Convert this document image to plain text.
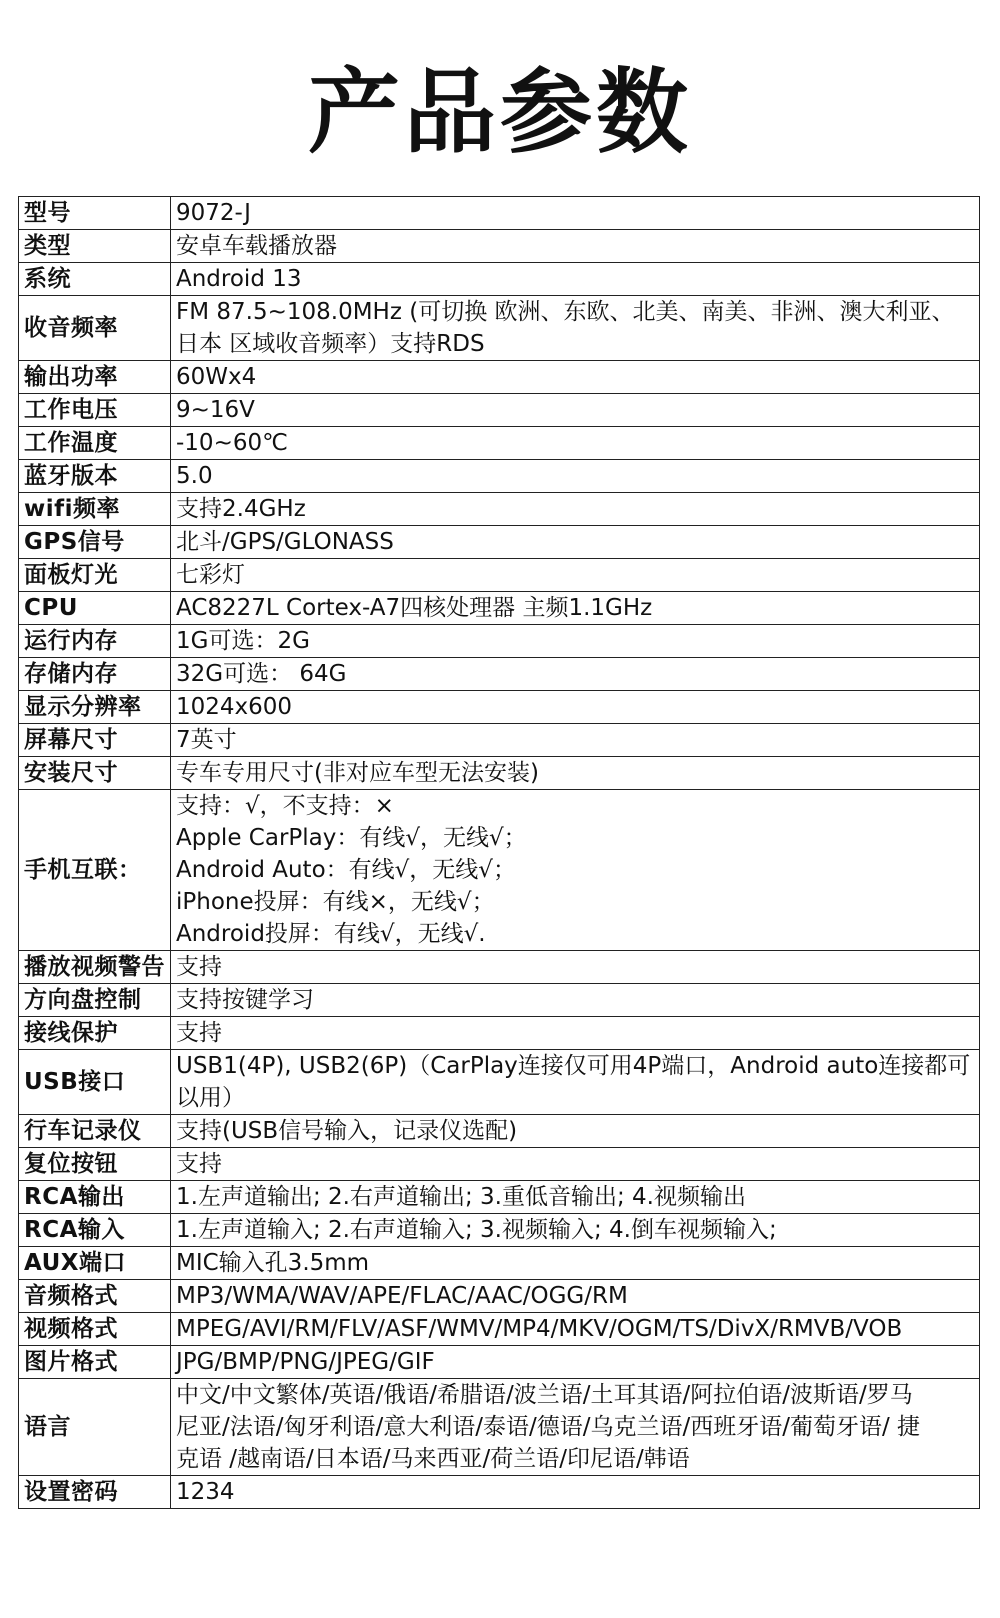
产品参数
型号	9072-J

类型	安卓车载播放器

系统	Android 13

收音频率	FM 87.5~108.0MHz (可切换 欧洲、东欧、北美、南美、非洲、澳大利亚、
日本 区域收音频率）支持RDS

输出功率	60Wx4

工作电压	9~16V

工作温度	-10~60℃

蓝牙版本	5.0

wifi频率	支持2.4GHz

GPS信号	北斗/GPS/GLONASS

面板灯光	七彩灯

CPU	AC8227L Cortex-A7四核处理器 主频1.1GHz

运行内存	1G可选：2G

存储内存	32G可选： 64G

显示分辨率	1024x600

屏幕尺寸	7英寸

安装尺寸	专车专用尺寸(非对应车型无法安装)

手机互联：	支持：√，不支持：×
Apple CarPlay：有线√，无线√；
Android Auto：有线√，无线√；
iPhone投屏：有线×，无线√；
Android投屏：有线√，无线√.

播放视频警告	支持

方向盘控制	支持按键学习

接线保护	支持

USB接口	USB1(4P), USB2(6P)（CarPlay连接仅可用4P端口，Android auto连接都可
以用）

行车记录仪	支持(USB信号输入，记录仪选配)

复位按钮	支持

RCA输出	1.左声道输出; 2.右声道输出; 3.重低音输出; 4.视频输出

RCA输入	1.左声道输入; 2.右声道输入; 3.视频输入; 4.倒车视频输入;

AUX端口	MIC输入孔3.5mm

音频格式	MP3/WMA/WAV/APE/FLAC/AAC/OGG/RM

视频格式	MPEG/AVI/RM/FLV/ASF/WMV/MP4/MKV/OGM/TS/DivX/RMVB/VOB

图片格式	JPG/BMP/PNG/JPEG/GIF

语言	中文/中文繁体/英语/俄语/希腊语/波兰语/土耳其语/阿拉伯语/波斯语/罗马
尼亚/法语/匈牙利语/意大利语/泰语/德语/乌克兰语/西班牙语/葡萄牙语/ 捷
克语 /越南语/日本语/马来西亚/荷兰语/印尼语/韩语

设置密码	1234
